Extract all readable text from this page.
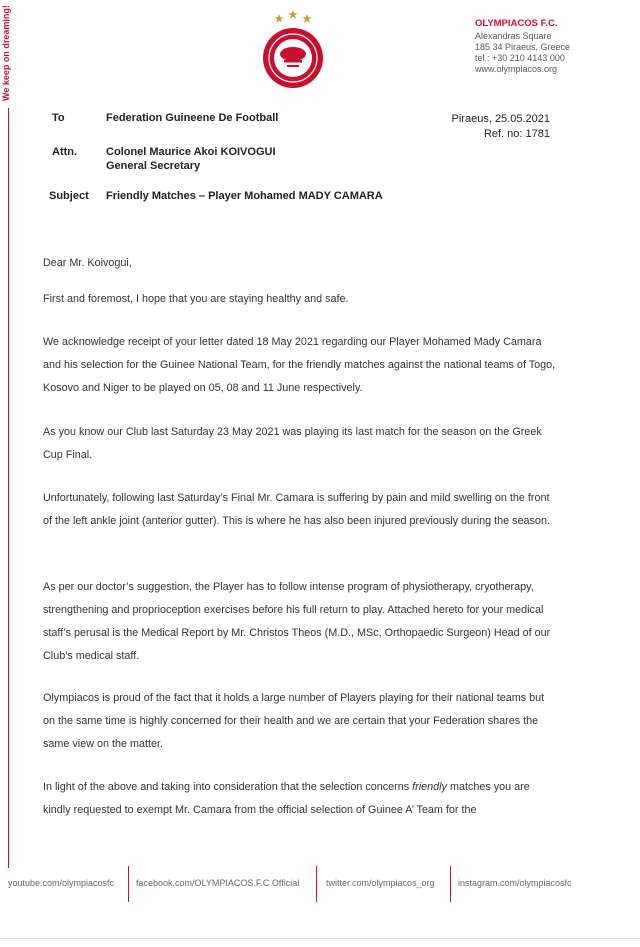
We keep on dreaming!	OLYMPIACOS F.C.
Alexandras Square
185 34 Piraeus, Greece
tel.: +30 210 4143 000
www.olympiacos.org
To	Federation Guineene De Football
Attn.	Colonel Maurice Akoi KOIVOGUI
General Secretary
Subject Friendly Matches – Player Mohamed MADY CAMARA
Piraeus, 25.05.2021
Ref. no: 1781

Dear Mr. Koivogui,

First and foremost, I hope that you are staying healthy and safe.

We acknowledge receipt of your letter dated 18 May 2021 regarding our Player Mohamed Mady Camara and his selection for the Guinee National Team, for the friendly matches against the national teams of Togo, Kosovo and Niger to be played on 05, 08 and 11 June respectively.

As you know our Club last Saturday 23 May 2021 was playing its last match for the season on the Greek Cup Final.

Unfortunately, following last Saturday’s Final Mr. Camara is suffering by pain and mild swelling on the front of the left ankle joint (anterior gutter). This is where he has also been injured previously during the season.

As per our doctor’s suggestion, the Player has to follow intense program of physiotherapy, cryotherapy, strengthening and proprioception exercises before his full return to play. Attached hereto for your medical staff’s perusal is the Medical Report by Mr. Christos Theos (M.D., MSc, Orthopaedic Surgeon) Head of our Club’s medical staff.

Olympiacos is proud of the fact that it holds a large number of Players playing for their national teams but on the same time is highly concerned for their health and we are certain that your Federation shares the same view on the matter.

In light of the above and taking into consideration that the selection concerns friendly matches you are kindly requested to exempt Mr. Camara from the official selection of Guinee A’ Team for the

youtube.com/olympiacosfc facebook.com/OLYMPIACOS.F.C Official	twitter.com/olympiacos_org	instagram.com/olympiacosfc
